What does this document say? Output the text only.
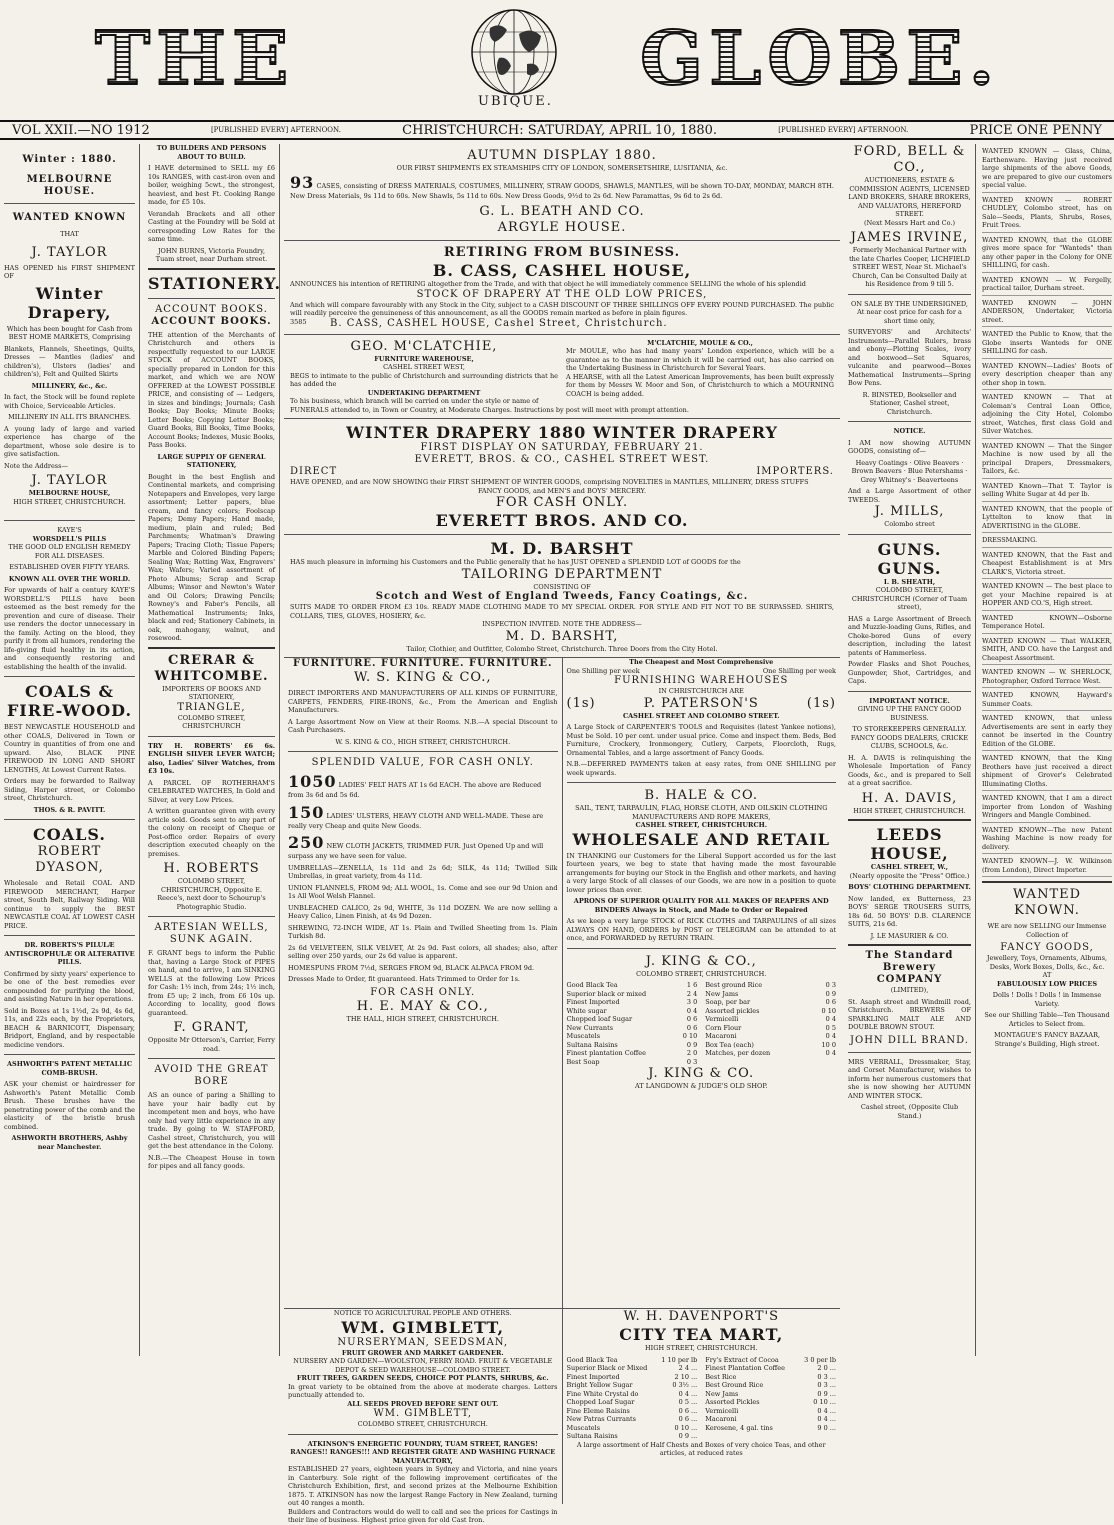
THE	UBIQUE. GLOBE.
VOL XXII.—NO 1912	[PUBLISHED EVERY] AFTERNOON.	CHRISTCHURCH: SATURDAY, APRIL 10, 1880.	[PUBLISHED EVERY] AFTERNOON.	PRICE ONE PENNY
Winter : 1880.
MELBOURNE HOUSE.
WANTED KNOWN
THAT
J. TAYLOR
HAS OPENED his FIRST SHIPMENT OF
Winter Drapery,
Which has been bought for Cash from BEST HOME MARKETS, Comprising
Blankets, Flannels, Sheetings, Quilts, Dresses — Mantles (ladies' and children's), Ulsters (ladies' and children's), Felt and Quilted Skirts
MILLINERY, &c., &c.
In fact, the Stock will be found replete with Choice, Serviceable Articles.
MILLINERY IN ALL ITS BRANCHES.
A young lady of large and varied experience has charge of the department, whose sole desire is to give satisfaction.
Note the Address—
J. TAYLOR
MELBOURNE HOUSE,
HIGH STREET, CHRISTCHURCH.
KAYE'S
WORSDELL'S PILLS
THE GOOD OLD ENGLISH REMEDY FOR ALL DISEASES.
ESTABLISHED OVER FIFTY YEARS.
KNOWN ALL OVER THE WORLD.
For upwards of half a century KAYE'S WORSDELL'S PILLS have been esteemed as the best remedy for the prevention and cure of disease. Their use renders the doctor unnecessary in the family. Acting on the blood, they purify it from all humors, rendering the life-giving fluid healthy in its action, and consequently restoring and establishing the health of the invalid.
COALS & FIRE-WOOD.
BEST NEWCASTLE HOUSEHOLD and other COALS, Delivered in Town or Country in quantities of from one and upward. Also, BLACK PINE FIREWOOD IN LONG AND SHORT LENGTHS, At Lowest Current Rates.
Orders may be forwarded to Railway Siding, Harper street, or Colombo street, Christchurch.
THOS. & R. PAVITT.
COALS.
ROBERT DYASON,
Wholesale and Retail COAL AND FIREWOOD MERCHANT, Harper street, South Belt, Railway Siding. Will continue to supply the BEST NEWCASTLE COAL AT LOWEST CASH PRICE.
DR. ROBERTS'S PILULÆ ANTISCROPHULÆ OR ALTERATIVE PILLS.
Confirmed by sixty years' experience to be one of the best remedies ever compounded for purifying the blood, and assisting Nature in her operations.
Sold in Boxes at 1s 1½d, 2s 9d, 4s 6d, 11s, and 22s each, by the Proprietors, BEACH & BARNICOTT, Dispensary, Bridport, England, and by respectable medicine vendors.
ASHWORTH'S PATENT METALLIC COMB-BRUSH.
ASK your chemist or hairdresser for Ashworth's Patent Metallic Comb Brush. These brushes have the penetrating power of the comb and the elasticity of the bristle brush combined.
ASHWORTH BROTHERS, Ashby near Manchester.
TO BUILDERS AND PERSONS ABOUT TO BUILD.
I HAVE determined to SELL my £6 10s RANGES, with cast-iron oven and boiler, weighing 5cwt., the strongest, heaviest, and best Ft. Cooking Range made, for £5 10s.
Verandah Brackets and all other Casting at the Foundry will be Sold at corresponding Low Rates for the same time.
JOHN BURNS, Victoria Foundry, Tuam street, near Durham street.
STATIONERY.
ACCOUNT BOOKS.
ACCOUNT BOOKS.
THE attention of the Merchants of Christchurch and others is respectfully requested to our LARGE STOCK of ACCOUNT BOOKS, specially prepared in London for this market, and which we are NOW OFFERED at the LOWEST POSSIBLE PRICE, and consisting of — Ledgers, in sizes and bindings; Journals; Cash Books; Day Books; Minute Books; Letter Books; Copying Letter Books; Guard Books, Bill Books, Time Books, Account Books; Indexes, Music Books, Pass Books.
LARGE SUPPLY OF GENERAL STATIONERY,
Bought in the best English and Continental markets, and comprising Notepapers and Envelopes, very large assortment; Letter papers, blue cream, and fancy colors; Foolscap Papers; Demy Papers; Hand made, medium, plain and ruled; Bed Parchments; Whatman's Drawing Papers; Tracing Cloth; Tissue Papers; Marble and Colored Binding Papers; Sealing Wax; Rotting Wax, Engravers' Wax; Wafers; Varied assortment of Photo Albums; Scrap and Scrap Albums; Winsor and Newton's Water and Oil Colors; Drawing Pencils; Rowney's and Faber's Pencils, all Mathematical Instruments; Inks, black and red; Stationery Cabinets, in oak, mahogany, walnut, and rosewood.
CRERAR & WHITCOMBE.
IMPORTERS OF BOOKS AND STATIONERY,
TRIANGLE,
COLOMBO STREET, CHRISTCHURCH
TRY H. ROBERTS' £6 6s. ENGLISH SILVER LEVER WATCH; also, Ladies' Silver Watches, from £3 10s.
A PARCEL OF ROTHERHAM'S CELEBRATED WATCHES, In Gold and Silver, at very Low Prices.
A written guarantee given with every article sold. Goods sent to any part of the colony on receipt of Cheque or Post-office order. Repairs of every description executed cheaply on the premises.
H. ROBERTS
COLOMBO STREET, CHRISTCHURCH, Opposite E. Reece's, next door to Schourup's Photographic Studio.
ARTESIAN WELLS, SUNK AGAIN.
F. GRANT begs to inform the Public that, having a Large Stock of PIPES on hand, and to arrive, I am SINKING WELLS at the following Low Prices for Cash: 1½ inch, from 24s; 1½ inch, from £5 up; 2 inch, from £6 10s up. According to locality, good flows guaranteed.
F. GRANT,
Opposite Mr Otterson's, Carrier, Ferry road.
AVOID THE GREAT BORE
AS an ounce of paring a Shilling to have your hair badly cut by incompetent men and boys, who have only had very little experience in any trade. By going to W. STAFFORD, Cashel street, Christchurch, you will get the best attendance in the Colony.
N.B.—The Cheapest House in town for pipes and all fancy goods.
AUTUMN DISPLAY 1880.
OUR FIRST SHIPMENTS EX STEAMSHIPS CITY OF LONDON, SOMERSETSHIRE, LUSITANIA, &c.
93 CASES, consisting of DRESS MATERIALS, COSTUMES, MILLINERY, STRAW GOODS, SHAWLS, MANTLES, will be shown TO-DAY, MONDAY, MARCH 8TH. New Dress Materials, 9s 11d to 60s. New Shawls, 5s 11d to 60s. New Dress Goods, 9½d to 2s 6d. New Paramattas, 9s 6d to 2s 6d.
G. L. BEATH AND CO.
ARGYLE HOUSE.
RETIRING FROM BUSINESS.
B. CASS, CASHEL HOUSE,
ANNOUNCES his intention of RETIRING altogether from the Trade, and with that object he will immediately commence SELLING the whole of his splendid
STOCK OF DRAPERY AT THE OLD LOW PRICES,
And which will compare favourably with any Stock in the City, subject to a CASH DISCOUNT OF THREE SHILLINGS OFF EVERY POUND PURCHASED. The public will readily perceive the genuineness of this announcement, as all the GOODS remain marked as before in plain figures.
3585	B. CASS, CASHEL HOUSE, Cashel Street, Christchurch.
GEO. M'CLATCHIE,
FURNITURE WAREHOUSE,
CASHEL STREET WEST,
BEGS to intimate to the public of Christchurch and surrounding districts that he has added the
UNDERTAKING DEPARTMENT
To his business, which branch will be carried on under the style or name of
M'CLATCHIE, MOULE & CO.,
Mr MOULE, who has had many years' London experience, which will be a guarantee as to the manner in which it will be carried out, has also carried on the Undertaking Business in Christchurch for Several Years.
A HEARSE, with all the Latest American Improvements, has been built expressly for them by Messrs W. Moor and Son, of Christchurch to which a MOURNING COACH is being added.
FUNERALS attended to, in Town or Country, at Moderate Charges. Instructions by post will meet with prompt attention.
WINTER DRAPERY 1880 WINTER DRAPERY
FIRST DISPLAY ON SATURDAY, FEBRUARY 21.
EVERETT, BROS. & CO., CASHEL STREET WEST.
DIRECT	IMPORTERS.
HAVE OPENED, and are NOW SHOWING their FIRST SHIPMENT OF WINTER GOODS, comprising NOVELTIES in MANTLES, MILLINERY, DRESS STUFFS
FANCY GOODS, and MEN'S and BOYS' MERCERY.
FOR CASH ONLY.
EVERETT BROS. AND CO.
M. D. BARSHT
HAS much pleasure in informing his Customers and the Public generally that he has JUST OPENED a SPLENDID LOT of GOODS for the
TAILORING DEPARTMENT
CONSISTING OF
Scotch and West of England Tweeds, Fancy Coatings, &c.
SUITS MADE TO ORDER FROM £3 10s. READY MADE CLOTHING MADE TO MY SPECIAL ORDER. FOR STYLE AND FIT NOT TO BE SURPASSED. SHIRTS, COLLARS, TIES, GLOVES, HOSIERY, &c.
INSPECTION INVITED. NOTE THE ADDRESS—
M. D. BARSHT,
Tailor, Clothier, and Outfitter, Colombo Street, Christchurch. Three Doors from the City Hotel.
FURNITURE. FURNITURE. FURNITURE.
W. S. KING & CO.,
DIRECT IMPORTERS AND MANUFACTURERS OF ALL KINDS OF FURNITURE, CARPETS, FENDERS, FIRE-IRONS, &c., From the American and English Manufacturers.
A Large Assortment Now on View at their Rooms. N.B.—A special Discount to Cash Purchasers.
W. S. KING & CO., HIGH STREET, CHRISTCHURCH.
SPLENDID VALUE, FOR CASH ONLY.
1050 LADIES' FELT HATS AT 1s 6d EACH. The above are Reduced from 3s 6d and 5s 6d.
150 LADIES' ULSTERS, HEAVY CLOTH AND WELL-MADE. These are really very Cheap and quite New Goods.
250 NEW CLOTH JACKETS, TRIMMED FUR. Just Opened Up and will surpass any we have seen for value.
UMBRELLAS—ZENELLA, 1s 11d and 2s 6d; SILK, 4s 11d; Twilled Silk Umbrellas, in great variety, from 4s 11d.
UNION FLANNELS, FROM 9d; ALL WOOL, 1s. Come and see our 9d Union and 1s All Wool Welsh Flannel.
UNBLEACHED CALICO, 2s 9d, WHITE, 3s 11d DOZEN. We are now selling a Heavy Calico, Linen Finish, at 4s 9d Dozen.
SHREWING, 72-INCH WIDE, AT 1s. Plain and Twilled Sheeting from 1s. Plain Turkish 8d.
2s 6d VELVETEEN, SILK VELVET, At 2s 9d. Fast colors, all shades; also, after selling over 250 yards, our 2s 6d value is apparent.
HOMESPUNS FROM 7½d, SERGES FROM 9d, BLACK ALPACA FROM 9d.
Dresses Made to Order, fit guaranteed. Hats Trimmed to Order for 1s.
FOR CASH ONLY.
H. E. MAY & CO.,
THE HALL, HIGH STREET, CHRISTCHURCH.
The Cheapest and Most Comprehensive
One Shilling per week	One Shilling per week
FURNISHING WAREHOUSES
IN CHRISTCHURCH ARE
(1s)	P. PATERSON'S	(1s)
CASHEL STREET AND COLOMBO STREET.
A Large Stock of CARPENTER'S TOOLS and Requisites (latest Yankee notions), Must be Sold. 10 per cent. under usual price. Come and inspect them. Beds, Bed Furniture, Crockery, Ironmongery, Cutlery, Carpets, Floorcloth, Rugs, Ornamental Tables, and a large assortment of Fancy Goods.
N.B.—DEFERRED PAYMENTS taken at easy rates, from ONE SHILLING per week upwards.
B. HALE & CO.
SAIL, TENT, TARPAULIN, FLAG, HORSE CLOTH, AND OILSKIN CLOTHING MANUFACTURERS AND ROPE MAKERS,
CASHEL STREET, CHRISTCHURCH.
WHOLESALE AND RETAIL
IN THANKING our Customers for the Liberal Support accorded us for the last fourteen years, we beg to state that having made the most favourable arrangements for buying our Stock in the English and other markets, and having a very large Stock of all classes of our Goods, we are now in a position to quote lower prices than ever.
APRONS OF SUPERIOR QUALITY FOR ALL MAKES OF REAPERS AND BINDERS Always in Stock, and Made to Order or Repaired
As we keep a very large STOCK of RICK CLOTHS and TARPAULINS of all sizes ALWAYS ON HAND, ORDERS by POST or TELEGRAM can be attended to at once, and FORWARDED by RETURN TRAIN.
J. KING & CO.,
COLOMBO STREET, CHRISTCHURCH.
Good Black Tea	1 6
Superior black or mixed	2 4
Finest Imported	3 0
White sugar	0 4
Chopped loaf Sugar	0 6
New Currants	0 6
Muscatels	0 10
Sultana Raisins	0 9
Finest plantation Coffee	2 0
Best Soap	0 3
Best ground Rice	0 3
New Jams	0 9
Soap, per bar	0 6
Assorted pickles	0 10
Vermicelli	0 4
Corn Flour	0 5
Macaroni	0 4
Box Tea (each)	10 0
Matches, per dozen	0 4
J. KING & CO.
AT LANGDOWN & JUDGE'S OLD SHOP.
NOTICE TO AGRICULTURAL PEOPLE AND OTHERS.
WM. GIMBLETT,
NURSERYMAN, SEEDSMAN,
FRUIT GROWER AND MARKET GARDENER.
NURSERY AND GARDEN—WOOLSTON, FERRY ROAD. FRUIT & VEGETABLE DEPOT & SEED WAREHOUSE—COLOMBO STREET.
FRUIT TREES, GARDEN SEEDS, CHOICE POT PLANTS, SHRUBS, &c.
In great variety to be obtained from the above at moderate charges. Letters punctually attended to.
ALL SEEDS PROVED BEFORE SENT OUT.
WM. GIMBLETT,
COLOMBO STREET, CHRISTCHURCH.
ATKINSON'S ENERGETIC FOUNDRY, TUAM STREET, RANGES! RANGES!! RANGES!!! AND REGISTER GRATE AND WASHING FURNACE MANUFACTORY,
ESTABLISHED 27 years, eighteen years in Sydney and Victoria, and nine years in Canterbury. Sole right of the following improvement certificates of the Christchurch Exhibition, first, and second prizes at the Melbourne Exhibition 1875. T. ATKINSON has now the largest Range Factory in New Zealand, turning out 40 ranges a month.
Builders and Contractors would do well to call and see the prices for Castings in their line of business. Highest price given for old Cast Iron.
W. H. DAVENPORT'S
CITY TEA MART,
HIGH STREET, CHRISTCHURCH.
Good Black Tea	1 10 per lb
Superior Black or Mixed	2 4 ...
Finest Imported	2 10 ...
Bright Yellow Sugar	0 3½ ...
Fine White Crystal do	0 4 ...
Chopped Loaf Sugar	0 5 ...
Fine Eleme Raisins	0 6 ...
New Patras Currants	0 6 ...
Muscatels	0 10 ...
Sultana Raisins	0 9 ...
Fry's Extract of Cocoa	3 0 per lb
Finest Plantation Coffee	2 0 ...
Best Rice	0 3 ...
Best Ground Rice	0 3 ...
New Jams	0 9 ...
Assorted Pickles	0 10 ...
Vermicelli	0 4 ...
Macaroni	0 4 ...
Kerosene, 4 gal. tins	9 0 ...
A large assortment of Half Chests and Boxes of very choice Teas, and other articles, at reduced rates
FORD, BELL & CO.,
AUCTIONEERS, ESTATE & COMMISSION AGENTS, LICENSED LAND BROKERS, SHARE BROKERS, AND VALUATORS, HEREFORD STREET.
(Next Messrs Hart and Co.)
JAMES IRVINE,
Formerly Mechanical Partner with the late Charles Cooper, LICHFIELD STREET WEST, Near St. Michael's Church, Can be Consulted Daily at his Residence from 9 till 5.
ON SALE BY THE UNDERSIGNED, At near cost price for cash for a short time only,
SURVEYORS' and Architects' Instruments—Parallel Rulers, brass and ebony—Plotting Scales, ivory and boxwood—Set Squares, vulcanite and pearwood—Boxes Mathematical Instruments—Spring Bow Pens.
R. BINSTED, Bookseller and Stationer, Cashel street, Christchurch.
NOTICE.
I AM now showing AUTUMN GOODS, consisting of—
Heavy Coatings · Olive Beavers · Brown Beavers · Blue Petershams · Grey Whitney's · Beaverteens
And a Large Assortment of other TWEEDS.
J. MILLS,
Colombo street
GUNS. GUNS.
I. B. SHEATH,
COLOMBO STREET, CHRISTCHURCH (Corner of Tuam street),
HAS a Large Assortment of Breech and Muzzle-loading Guns, Rifles, and Choke-bored Guns of every description, including the latest patents of Hammerless.
Powder Flasks and Shot Pouches, Gunpowder, Shot, Cartridges, and Caps.
IMPORTANT NOTICE.
GIVING UP THE FANCY GOOD BUSINESS.
TO STOREKEEPERS GENERALLY. FANCY GOODS DEALERS, CRICKE CLUBS, SCHOOLS, &c.
H. A. DAVIS is relinquishing the Wholesale Importation of Fancy Goods, &c., and is prepared to Sell at a great sacrifice.
H. A. DAVIS,
HIGH STREET, CHRISTCHURCH.
LEEDS HOUSE,
CASHEL STREET, W.,
(Nearly opposite the "Press" Office.)
BOYS' CLOTHING DEPARTMENT.
Now landed, ex Butterness, 23 BOYS' SERGE TROUSERS SUITS, 18s 6d. 50 BOYS' D.B. CLARENCE SUITS, 21s 6d.
J. LE MASURIER & CO.
The Standard Brewery COMPANY
(LIMITED),
St. Asaph street and Windmill road, Christchurch. BREWERS OF SPARKLING MALT ALE AND DOUBLE BROWN STOUT.
JOHN DILL BRAND.
MRS VERRALL, Dressmaker, Stay, and Corset Manufacturer, wishes to inform her numerous customers that she is now showing her AUTUMN AND WINTER STOCK.
Cashel street, (Opposite Club Stand.)
WANTED KNOWN — Glass, China, Earthenware. Having just received large shipments of the above Goods, we are prepared to give our customers special value.
WANTED KNOWN — ROBERT CHUDLEY, Colombo street, has on Sale—Seeds, Plants, Shrubs, Roses, Fruit Trees.
WANTED KNOWN, that the GLOBE gives more space for "Wanteds" than any other paper in the Colony for ONE SHILLING, for cash.
WANTED KNOWN — W. Fergelly, practical tailor, Durham street.
WANTED KNOWN — JOHN ANDERSON, Undertaker, Victoria street.
WANTED the Public to Know, that the Globe inserts Wanteds for ONE SHILLING for cash.
WANTED KNOWN—Ladies' Boots of every description cheaper than any other shop in town.
WANTED KNOWN — That at Coleman's Central Loan Office, adjoining the City Hotel, Colombo street, Watches, first class Gold and Silver Watches.
WANTED KNOWN — That the Singer Machine is now used by all the principal Drapers, Dressmakers, Tailors, &c.
WANTED Known—That T. Taylor is selling White Sugar at 4d per lb.
WANTED KNOWN, that the people of Lyttelton to know that in ADVERTISING in the GLOBE.
DRESSMAKING.
WANTED KNOWN, that the Fast and Cheapest Establishment is at Mrs CLARK'S, Victoria street.
WANTED KNOWN — The best place to get your Machine repaired is at HOPPER AND CO.'S, High street.
WANTED KNOWN—Osborne Temperance Hotel.
WANTED KNOWN — That WALKER, SMITH, AND CO. have the Largest and Cheapest Assortment.
WANTED KNOWN — W. SHERLOCK, Photographer, Oxford Terrace West.
WANTED KNOWN, Hayward's Summer Coats.
WANTED KNOWN, that unless Advertisements are sent in early they cannot be inserted in the Country Edition of the GLOBE.
WANTED KNOWN, that the King Brothers have just received a direct shipment of Grover's Celebrated Illuminating Cloths.
WANTED KNOWN, that I am a direct importer from London of Washing Wringers and Mangle Combined.
WANTED KNOWN—The new Patent Washing Machine is now ready for delivery.
WANTED KNOWN—J. W. Wilkinson (from London), Direct Importer.
WANTED KNOWN.
WE are now SELLING our Immense Collection of
FANCY GOODS,
Jewellery, Toys, Ornaments, Albums, Desks, Work Boxes, Dolls, &c., &c.
AT
FABULOUSLY LOW PRICES
Dolls ! Dolls ! Dolls ! in Immense Variety.
See our Shilling Table—Ten Thousand Articles to Select from.
MONTAGUE'S FANCY BAZAAR, Strange's Building, High street.
